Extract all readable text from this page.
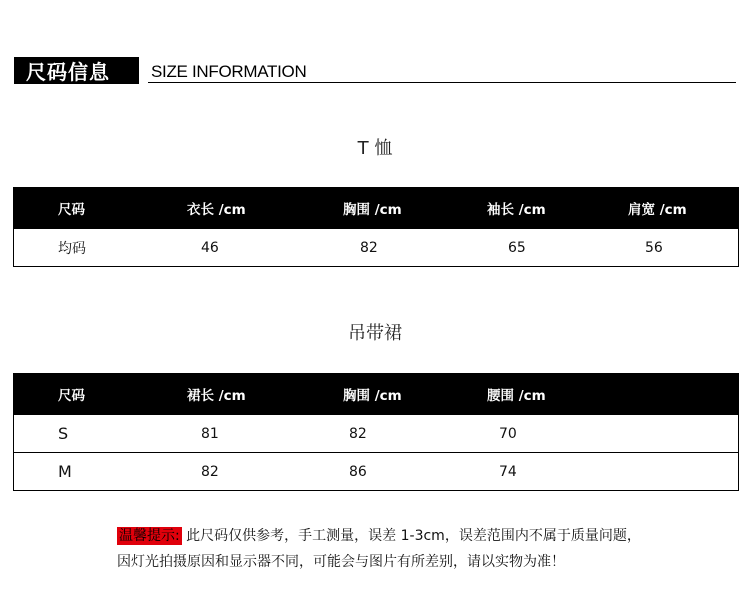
尺码信息	SIZE INFORMATION
T 恤
尺码	衣长 /cm	胸围 /cm	袖长 /cm	肩宽 /cm
均码	46	82	65	56
吊带裙
尺码	裙长 /cm	胸围 /cm	腰围 /cm
S	81	82	70
M	82	86	74
温馨提示: 此尺码仅供参考，手工测量，误差 1-3cm，误差范围内不属于质量问题，
因灯光拍摄原因和显示器不同，可能会与图片有所差别，请以实物为准！
